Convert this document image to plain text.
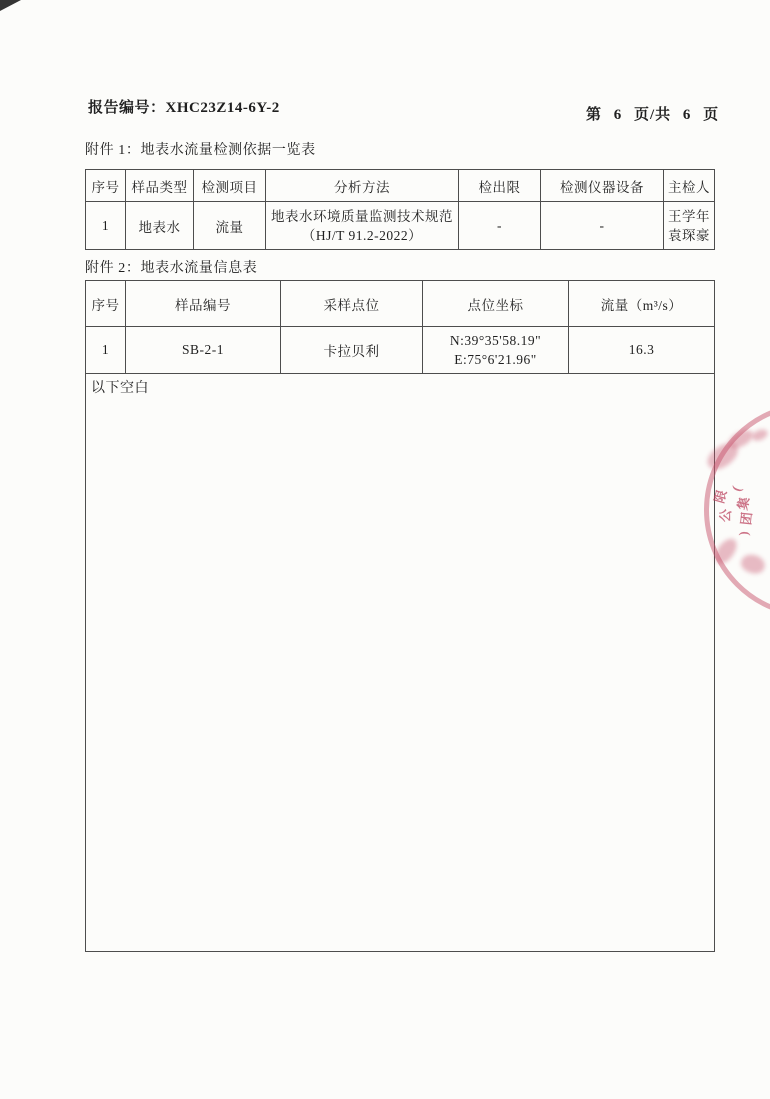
报告编号：XHC23Z14-6Y-2	第 6 页/共 6 页
附件 1：地表水流量检测依据一览表
序号	样品类型	检测项目	分析方法	检出限	检测仪器设备	主检人
1	地表水	流量	地表水环境质量监测技术规范
（HJ/T 91.2-2022）	-	-	王学年
袁琛豪
附件 2：地表水流量信息表
序号	样品编号	采样点位	点位坐标	流量（m³/s）
1	SB-2-1	卡拉贝利	N:39°35'58.19"
E:75°6'21.96"	16.3
以下空白				
(
集
团
)
限
公
